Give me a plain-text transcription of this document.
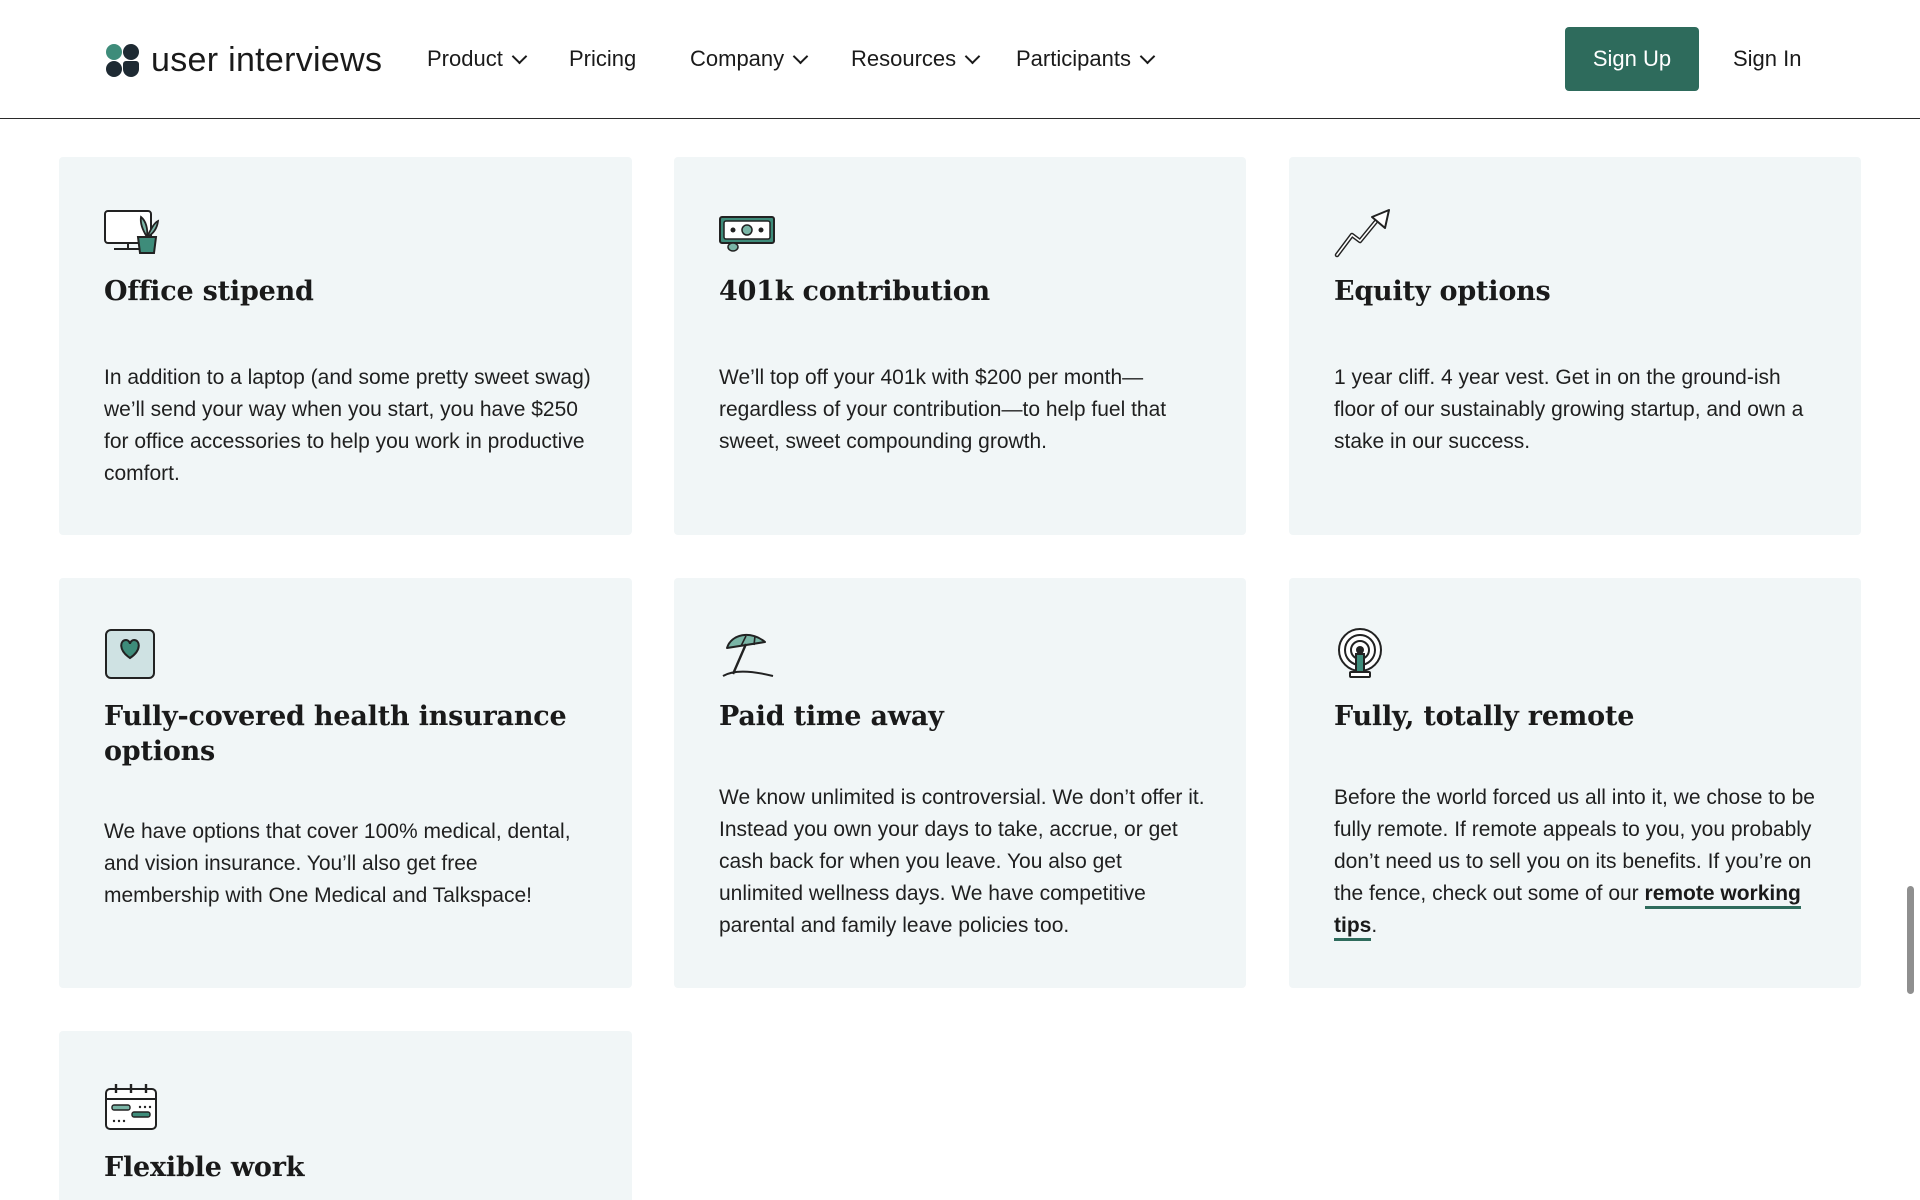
user interviews Product	Pricing Company	Resources	Participants	Sign Up	Sign In
Office stipend

In addition to a laptop (and some pretty sweet swag) we’ll send your way when you start, you have $250 for office accessories to help you work in productive comfort.

401k contribution

We’ll top off your 401k with $200 per month—regardless of your contribution—to help fuel that sweet, sweet compounding growth.

Equity options

1 year cliff. 4 year vest. Get in on the ground-ish floor of our sustainably growing startup, and own a stake in our success.

Fully-covered health insurance options

We have options that cover 100% medical, dental, and vision insurance. You’ll also get free membership with One Medical and Talkspace!

Paid time away

We know unlimited is controversial. We don’t offer it. Instead you own your days to take, accrue, or get cash back for when you leave. You also get unlimited wellness days. We have competitive parental and family leave policies too.

Fully, totally remote

Before the world forced us all into it, we chose to be fully remote. If remote appeals to you, you probably don’t need us to sell you on its benefits. If you’re on the fence, check out some of our remote working tips.

Flexible work
